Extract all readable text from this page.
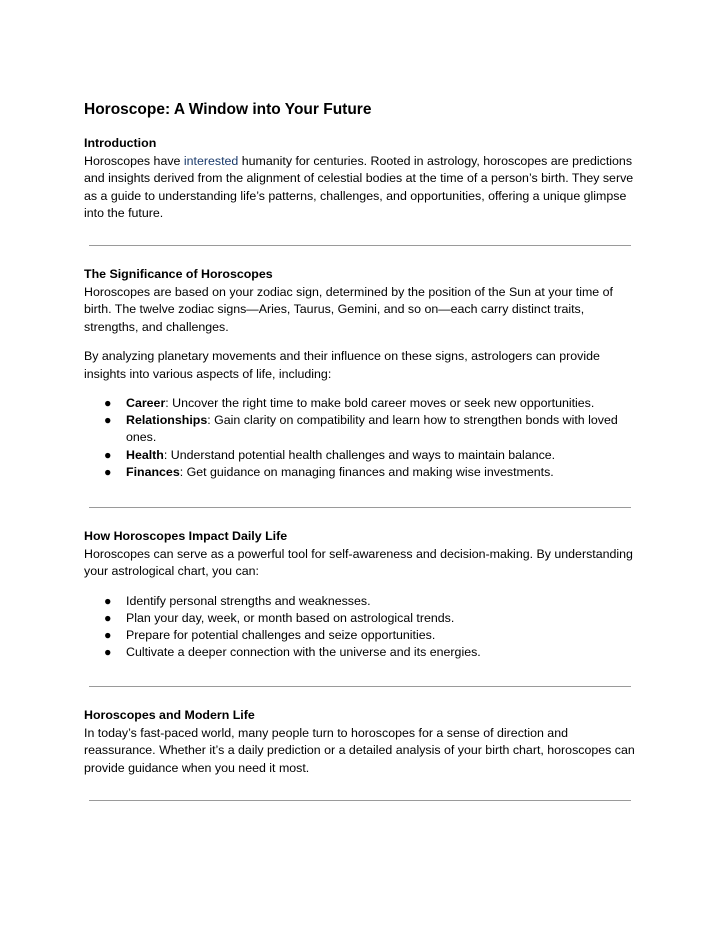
Horoscope: A Window into Your Future

Introduction

Horoscopes have interested humanity for centuries. Rooted in astrology, horoscopes are predictions and insights derived from the alignment of celestial bodies at the time of a person’s birth. They serve as a guide to understanding life’s patterns, challenges, and opportunities, offering a unique glimpse into the future.

The Significance of Horoscopes

Horoscopes are based on your zodiac sign, determined by the position of the Sun at your time of birth. The twelve zodiac signs—Aries, Taurus, Gemini, and so on—each carry distinct traits, strengths, and challenges.

By analyzing planetary movements and their influence on these signs, astrologers can provide insights into various aspects of life, including:

● Career: Uncover the right time to make bold career moves or seek new opportunities.
● Relationships: Gain clarity on compatibility and learn how to strengthen bonds with loved ones.
● Health: Understand potential health challenges and ways to maintain balance.
● Finances: Get guidance on managing finances and making wise investments.

How Horoscopes Impact Daily Life

Horoscopes can serve as a powerful tool for self-awareness and decision-making. By understanding your astrological chart, you can:

● Identify personal strengths and weaknesses.
● Plan your day, week, or month based on astrological trends.
● Prepare for potential challenges and seize opportunities.
● Cultivate a deeper connection with the universe and its energies.

Horoscopes and Modern Life

In today’s fast-paced world, many people turn to horoscopes for a sense of direction and reassurance. Whether it’s a daily prediction or a detailed analysis of your birth chart, horoscopes can provide guidance when you need it most.
